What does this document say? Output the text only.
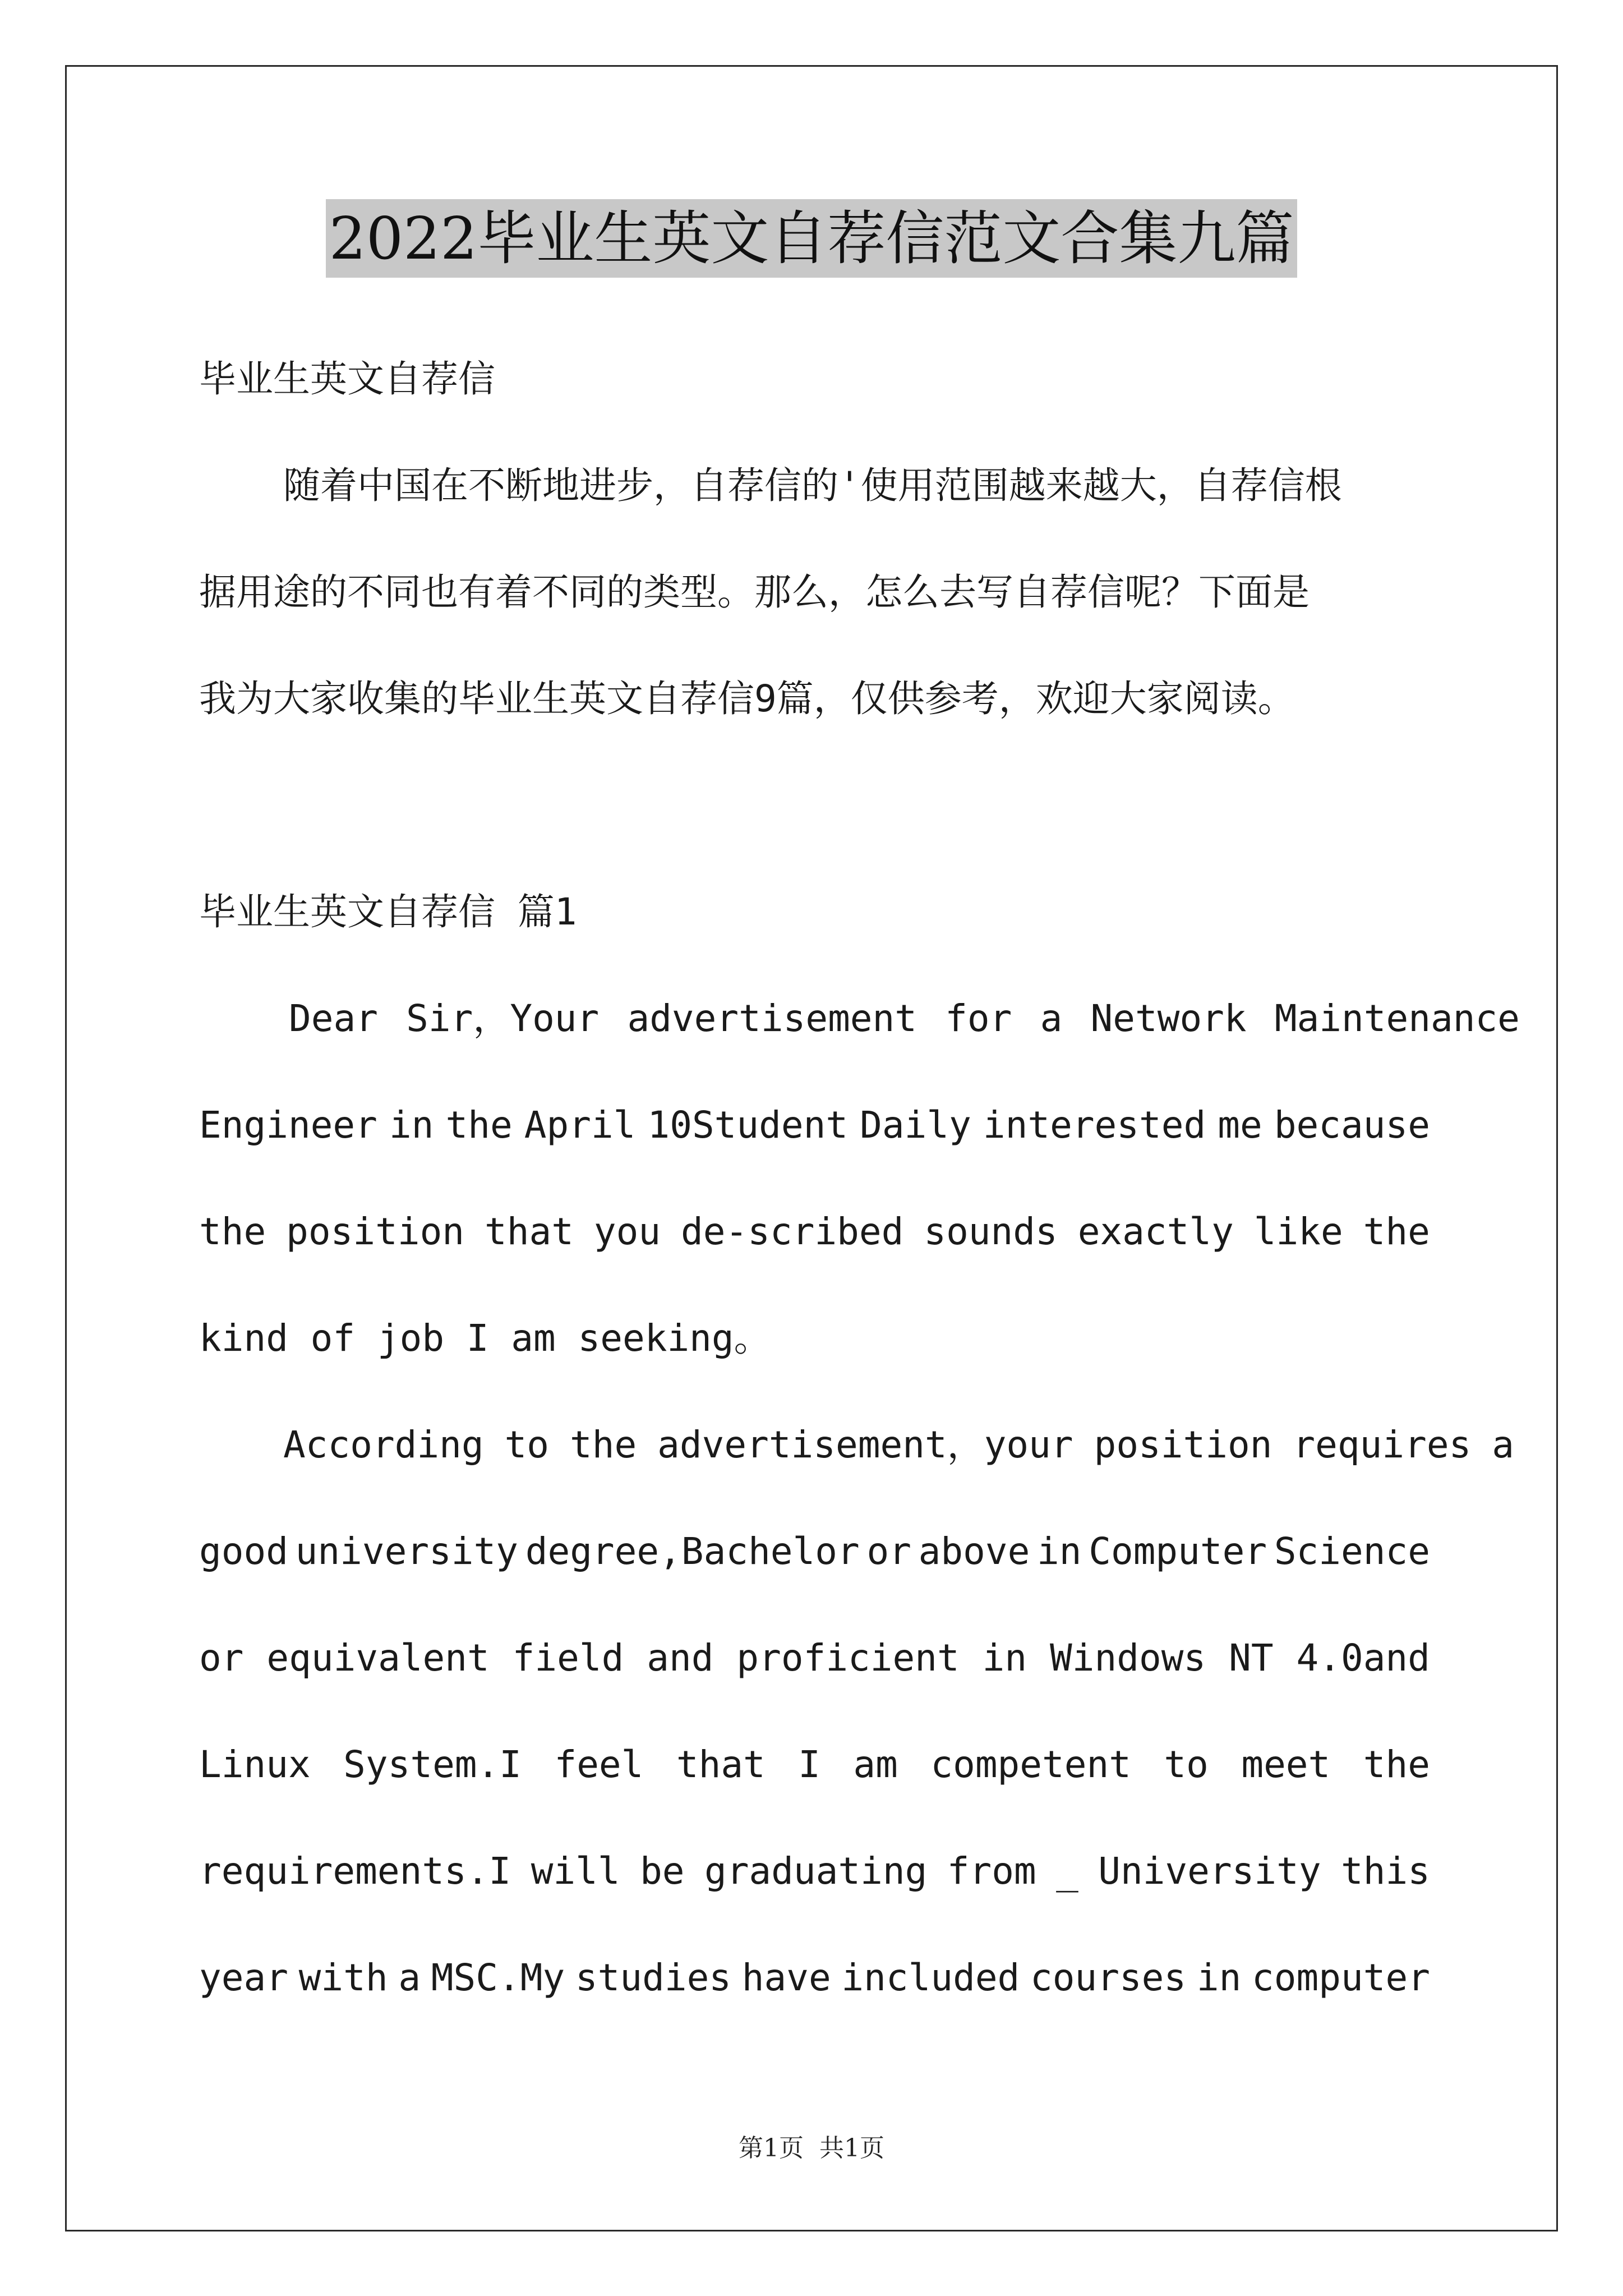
2022毕业生英文自荐信范文合集九篇
毕业生英文自荐信
随着中国在不断地进步，自荐信的'使用范围越来越大，自荐信根
据用途的不同也有着不同的类型。那么，怎么去写自荐信呢？下面是
我为大家收集的毕业生英文自荐信9篇，仅供参考，欢迎大家阅读。
毕业生英文自荐信 篇1
Dear Sir，Your advertisement for a Network Maintenance
Engineer in the April 10Student Daily interested me because
the position that you de-scribed sounds exactly like the
kind of job I am seeking。
According to the advertisement，your position requires a
good university degree,Bachelor or above in Computer Science
or equivalent field and proficient in Windows NT 4.0and
Linux System.I feel that I am competent to meet the
requirements.I will be graduating from _ University this
year with a MSC.My studies have included courses in computer
第1页  共1页
